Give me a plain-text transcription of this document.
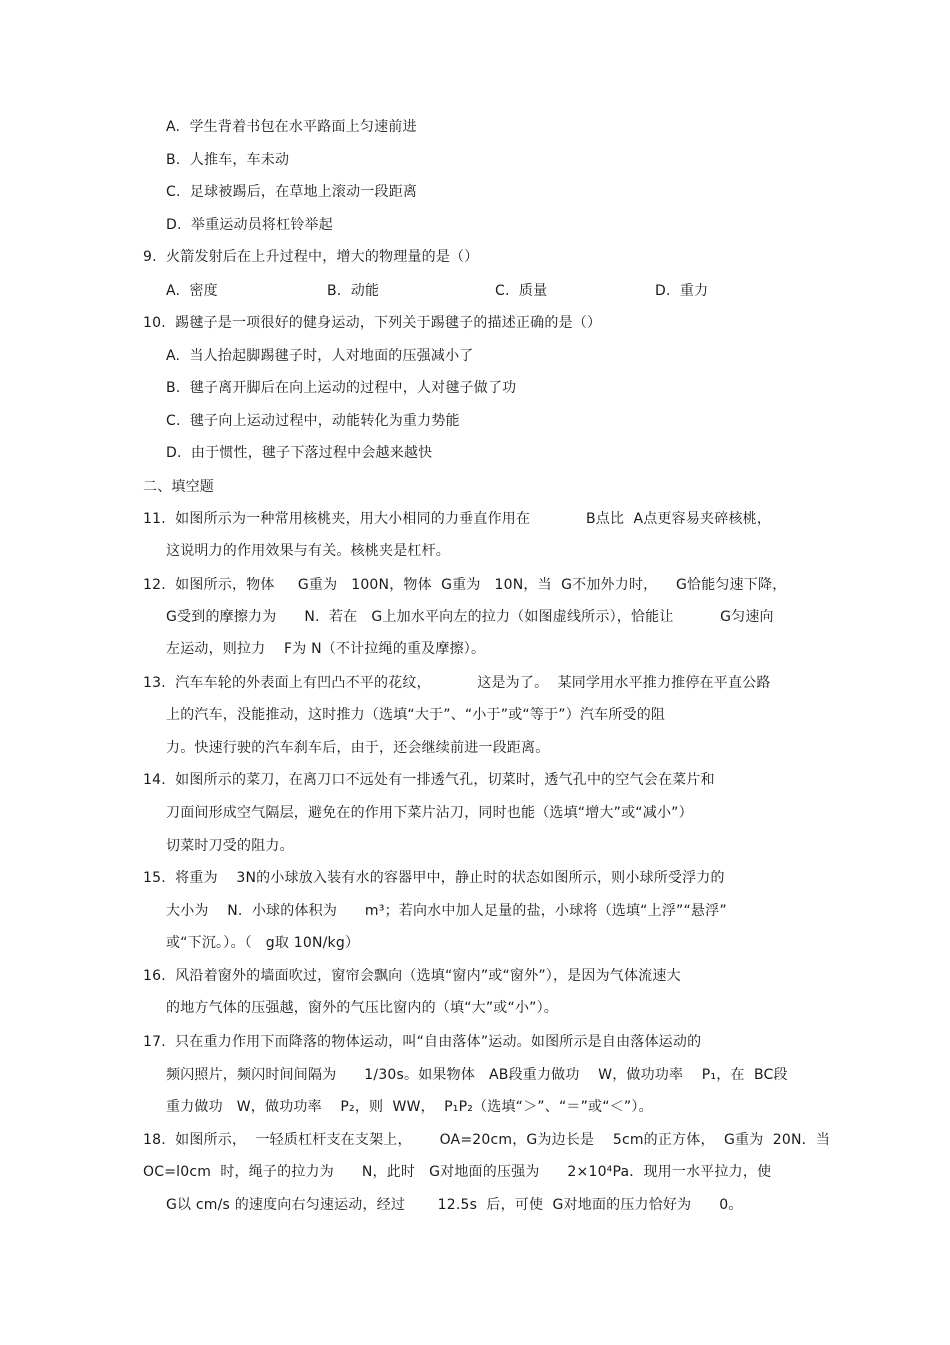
A.  学生背着书包在水平路面上匀速前进
B.  人推车，车未动
C.  足球被踢后，在草地上滚动一段距离
D.  举重运动员将杠铃举起
9.  火箭发射后在上升过程中，增大的物理量的是（）
A.  密度	B.  动能	C.  质量	D.  重力
10.  踢毽子是一项很好的健身运动，下列关于踢毽子的描述正确的是（）
A.  当人抬起脚踢毽子时，人对地面的压强减小了
B.  毽子离开脚后在向上运动的过程中，人对毽子做了功
C.  毽子向上运动过程中，动能转化为重力势能
D.  由于惯性，毽子下落过程中会越来越快
二、填空题
11.  如图所示为一种常用核桃夹，用大小相同的力垂直作用在            B点比  A点更容易夹碎核桃，
这说明力的作用效果与有关。核桃夹是杠杆。
12.  如图所示，物体     G重为   100N，物体  G重为   10N，当  G不加外力时，    G恰能匀速下降，
G受到的摩擦力为      N.  若在   G上加水平向左的拉力（如图虚线所示），恰能让          G匀速向
左运动，则拉力    F为 N（不计拉绳的重及摩擦）。
13.  汽车车轮的外表面上有凹凸不平的花纹，          这是为了。  某同学用水平推力推停在平直公路
上的汽车，没能推动，这时推力（选填“大于”、“小于”或“等于”）汽车所受的阻
力。快速行驶的汽车刹车后，由于，还会继续前进一段距离。
14.  如图所示的菜刀，在离刀口不远处有一排透气孔，切菜时，透气孔中的空气会在菜片和
刀面间形成空气隔层，避免在的作用下菜片沾刀，同时也能（选填“增大”或“减小”）
切菜时刀受的阻力。
15.  将重为    3N的小球放入装有水的容器甲中，静止时的状态如图所示，则小球所受浮力的
大小为    N.  小球的体积为      m³；若向水中加人足量的盐，小球将（选填“上浮”“悬浮”
或“下沉。）。（   g取 10N/kg）
16.  风沿着窗外的墙面吹过，窗帘会飘向（选填“窗内”或“窗外”），是因为气体流速大
的地方气体的压强越，窗外的气压比窗内的（填“大”或“小”）。
17.  只在重力作用下而降落的物体运动，叫“自由落体”运动。如图所示是自由落体运动的
频闪照片，频闪时间间隔为      1/30s。如果物体   AB段重力做功    W，做功功率    P₁，在  BC段
重力做功   W，做功功率    P₂，则  WW，  P₁P₂（选填“＞”、“＝”或“＜”）。
18.  如图所示，  一轻质杠杆支在支架上，      OA=20cm，G为边长是    5cm的正方体，  G重为  20N．当
OC=l0cm  时，绳子的拉力为      N，此时   G对地面的压强为      2×10⁴Pa．现用一水平拉力，使
G以 cm/s 的速度向右匀速运动，经过       12.5s  后，可使  G对地面的压力恰好为      0。
